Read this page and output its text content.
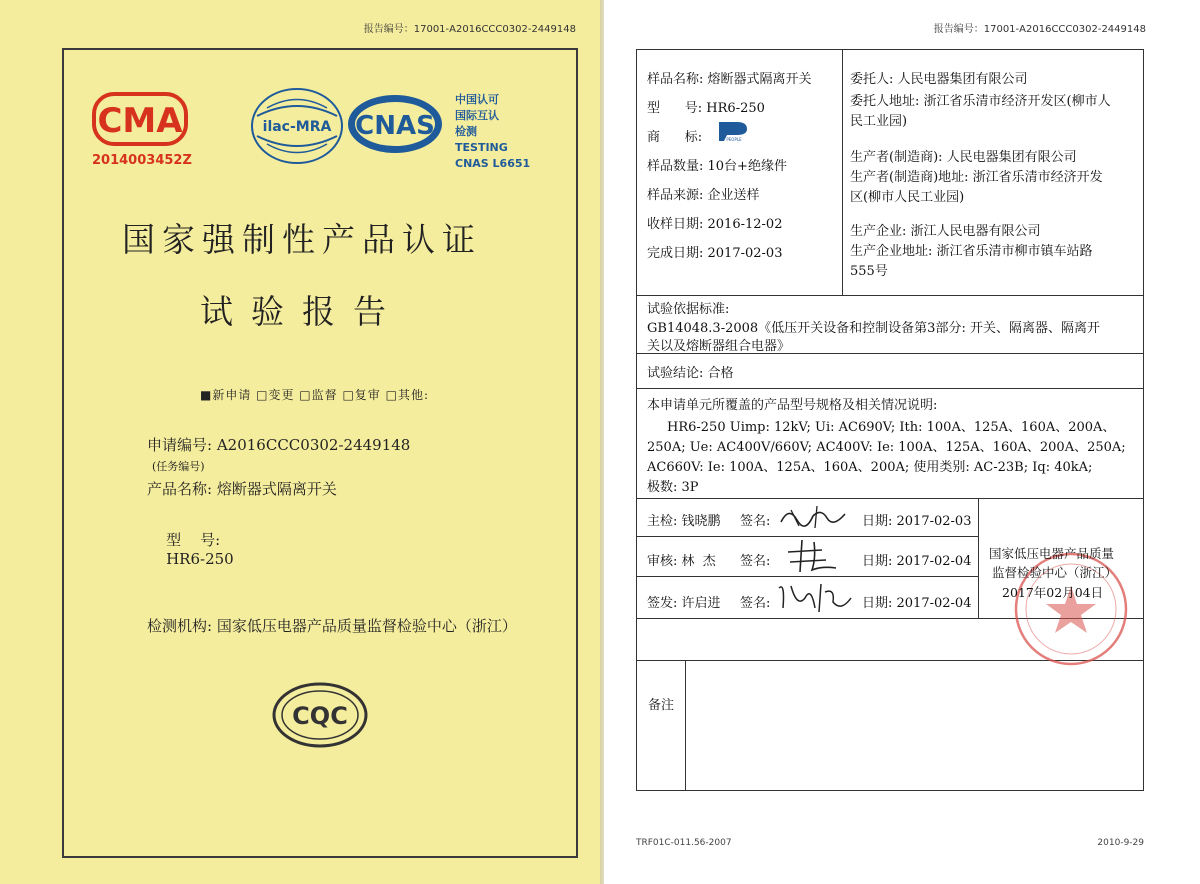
报告编号：17001-A2016CCC0302-2449148
CMA
2014003452Z
ilac-MRA CNAS
中国认可
国际互认
检测
TESTING
CNAS L6651
国家强制性产品认证
试验报告
■新申请 □变更 □监督 □复审 □其他:
申请编号: A2016CCC0302-2449148
(任务编号)
产品名称: 熔断器式隔离开关

型    号:
HR6-250

检测机构: 国家低压电器产品质量监督检验中心（浙江）
CQC
报告编号：17001-A2016CCC0302-2449148
样品名称: 熔断器式隔离开关
型      号: HR6-250
商      标:	PEOPLE
样品数量: 10台+绝缘件
样品来源: 企业送样
收样日期: 2016-12-02
完成日期: 2017-02-03
委托人: 人民电器集团有限公司
委托人地址: 浙江省乐清市经济开发区(柳市人
民工业园)
生产者(制造商): 人民电器集团有限公司
生产者(制造商)地址: 浙江省乐清市经济开发
区(柳市人民工业园)
生产企业: 浙江人民电器有限公司
生产企业地址: 浙江省乐清市柳市镇车站路
555号
试验依据标准:
GB14048.3-2008《低压开关设备和控制设备第3部分: 开关、隔离器、隔离开
关以及熔断器组合电器》
试验结论: 合格
本申请单元所覆盖的产品型号规格及相关情况说明:
HR6-250 Uimp: 12kV; Ui: AC690V; Ith: 100A、125A、160A、200A、
250A; Ue: AC400V/660V; AC400V: Ie: 100A、125A、160A、200A、250A;
AC660V: Ie: 100A、125A、160A、200A; 使用类别: AC-23B; Iq: 40kA;
极数: 3P
主检: 钱晓鹏 签名:	日期: 2017-02-03
审核: 林  杰 签名:	日期: 2017-02-04
签发: 许启进 签名:	日期: 2017-02-04
国家低压电器产品质量
监督检验中心（浙江）
2017年02月04日
备注
TRF01C-011.56-2007	2010-9-29
